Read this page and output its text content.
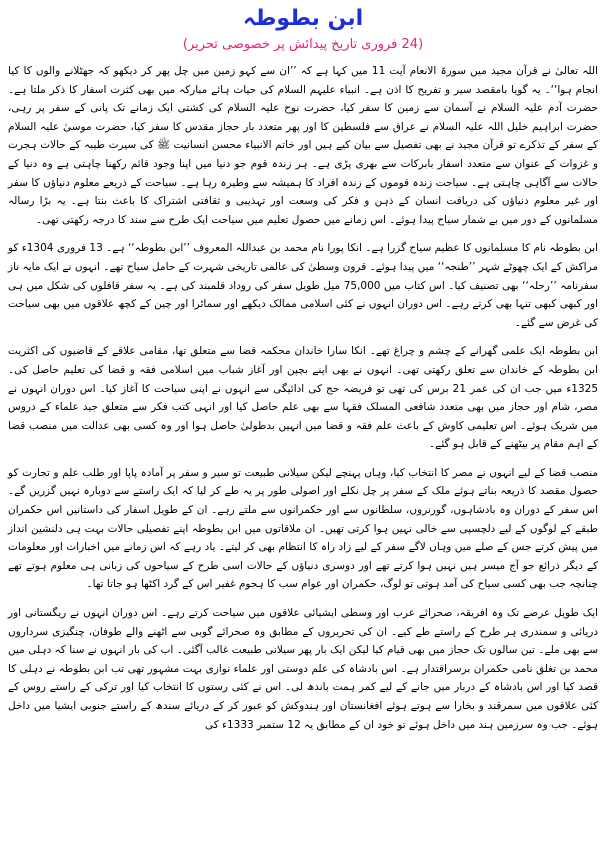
ابن بطوطہ
(24 فروری تاریخ پیدائش پر خصوصی تحریر)

اللہ تعالیٰ نے قرآن مجید میں سورۃ الانعام آیت 11 میں کہا ہے کہ ’’ان سے کہو زمین میں چل پھر کر دیکھو کہ جھٹلانے والوں کا کیا انجام ہوا‘‘۔ یہ گویا بامقصد سیر و تفریح کا اذن ہے۔ انبیاء علیہم السلام کی حیات ہائے مبارکہ میں بھی کثرت اسفار کا ذکر ملتا ہے۔ حضرت آدم علیہ السلام نے آسمان سے زمین کا سفر کیا، حضرت نوح علیہ السلام کی کشتی ایک زمانے تک پانی کے سفر پر رہی، حضرت ابراہیم خلیل اللہ علیہ السلام نے عراق سے فلسطین کا اور پھر متعدد بار حجاز مقدس کا سفر کیا، حضرت موسیٰ علیہ السلام کے سفر کے تذکرے تو قرآن مجید نے بھی تفصیل سے بیان کیے ہیں اور خاتم الانبیاء محسن انسانیت ﷺ کی سیرت طیبہ کے حالات ہجرت و غزوات کے عنوان سے متعدد اسفار بابرکات سے بھری پڑی ہے۔ ہر زندہ قوم جو دنیا میں اپنا وجود قائم رکھنا چاہتی ہے وہ دنیا کے حالات سے آگاہی چاہتی ہے۔ سیاحت زندہ قوموں کے زندہ افراد کا ہمیشہ سے وطیرہ رہا ہے۔ سیاحت کے ذریعے معلوم دنیاؤں کا سفر اور غیر معلوم دنیاؤں کی دریافت انسان کے ذہن و فکر کی وسعت اور تہذیبی و ثقافتی اشتراک کا باعث بنتا ہے۔ یہ بڑا رسالہ مسلمانوں کے دور میں بے شمار سیاح پیدا ہوئے۔ اس زمانے میں حصول تعلیم میں سیاحت ایک طرح سے سند کا درجہ رکھتی تھی۔

ابن بطوطہ نام کا مسلمانوں کا عظیم سیاح گزرا ہے۔ انکا پورا نام محمد بن عبداللہ المعروف ’’ابن بطوطہ‘‘ ہے۔ 13 فروری 1304ء کو مراکش کے ایک چھوٹے شہر ’’طنجہ‘‘ میں پیدا ہوئے۔ قرون وسطیٰ کی عالمی تاریخی شہرت کے حامل سیاح تھے۔ انہوں نے ایک مایہ ناز سفرنامہ ’’رحلہ‘‘ بھی تصنیف کیا۔ اس کتاب میں 75,000 میل طویل سفر کی روداد قلمبند کی ہے۔ یہ سفر قافلوں کی شکل میں ہی اور کبھی کبھی تنہا بھی کرتے رہے۔ اس دوران انہوں نے کئی اسلامی ممالک دیکھے اور سماٹرا اور چین کے کچھ علاقوں میں بھی سیاحت کی غرض سے گئے۔

ابن بطوطہ ایک علمی گھرانے کے چشم و چراغ تھے۔ انکا سارا خاندان محکمہ قضا سے متعلق تھا، مقامی علاقے کے قاضیوں کی اکثریت ابن بطوطہ کے خاندان سے تعلق رکھتی تھی۔ انہوں نے بھی اپنے بچپن اور آغاز شباب میں اسلامی فقہ و قضا کی تعلیم حاصل کی۔ 1325ء میں جب ان کی عمر 21 برس کی تھی تو فریضہ حج کی ادائیگی سے انہوں نے اپنی سیاحت کا آغاز کیا۔ اس دوران انہوں نے مصر، شام اور حجاز میں بھی متعدد شافعی المسلک فقہا سے بھی علم حاصل کیا اور انہی کتب فکر سے متعلق جید علماء کے دروس میں شریک ہوئے۔ اس تعلیمی کاوش کے باعث علم فقہ و قضا میں انہیں بدطولیٰ حاصل ہوا اور وہ کسی بھی عدالت میں منصب قضا کے اہم مقام پر بیٹھنے کے قابل ہو گئے۔

منصب قضا کے لیے انہوں نے مصر کا انتخاب کیا، وہاں پہنچے لیکن سیلانی طبیعت تو سیر و سفر پر آمادہ پاپا اور طلب علم و تجارت کو حصول مقصد کا ذریعہ بناتے ہوئے ملک کے سفر پر چل نکلے اور اصولی طور پر یہ طے کر لیا کہ ایک راستے سے دوبارہ نہیں گزریں گے۔ اس سفر کے دوران وہ بادشاہوں، گورنروں، سلطانوں سے اور حکمرانوں سے ملتے رہے۔ ان کے طویل اسفار کی داستانیں اس حکمران طبقے کے لوگوں کے لیے دلچسپی سے خالی نہیں ہوا کرتی تھیں۔ ان ملاقاتوں میں ابن بطوطہ اپنے تفصیلی حالات بہت ہی دلنشین انداز میں پیش کرتے جس کے صلے میں وہاں لاگے سفر کے لیے زاد راہ کا انتظام بھی کر لیتے۔ یاد رہے کہ اس زمانے میں اخبارات اور معلومات کے دیگر ذرائع جو آج میسر ہیں نہیں ہوا کرتے تھے اور دوسری دنیاؤں کے حالات اسی طرح کے سیاحوں کی زبانی ہی معلوم ہوتے تھے چنانچہ جب بھی کسی سیاح کی آمد ہوتی تو لوگ، حکمران اور عوام سب کا ہجوم غفیر اس کے گرد اکٹھا ہو جاتا تھا۔

ایک طویل عرصے تک وہ افریقہ، صحرائے عرب اور وسطی ایشیائی علاقوں میں سیاحت کرتے رہے۔ اس دوران انہوں نے ریگستانی اور دریائی و سمندری ہر طرح کے راستے طے کیے۔ ان کی تحریروں کے مطابق وہ صحرائے گوبی سے اٹھنے والے طوفان، چنگیزی سرداروں سے بھی ملے۔ تین سالوں تک حجاز میں بھی قیام کیا لیکن ایک بار پھر سیلانی طبیعت غالب آگئی۔ اب کی بار انہوں نے سنا کہ دہلی میں محمد بن تغلق نامی حکمران برسراقتدار ہے۔ اس بادشاہ کی علم دوستی اور علماء نوازی بہت مشہور تھی تب ابن بطوطہ نے دہلی کا قصد کیا اور اس بادشاہ کے دربار میں جانے کے لیے کمر ہمت باندھ لی۔ اس نے کئی رستوں کا انتخاب کیا اور ترکی کے راستے روس کے کئی علاقوں میں سمرقند و بخارا سے ہوتے ہوئے افغانستان اور ہندوکش کو عبور کر کے دریائے سندھ کے راستے جنوبی ایشیا میں داخل ہوئے۔ جب وہ سرزمین ہند میں داخل ہوئے تو خود ان کے مطابق یہ 12 ستمبر 1333ء کی
